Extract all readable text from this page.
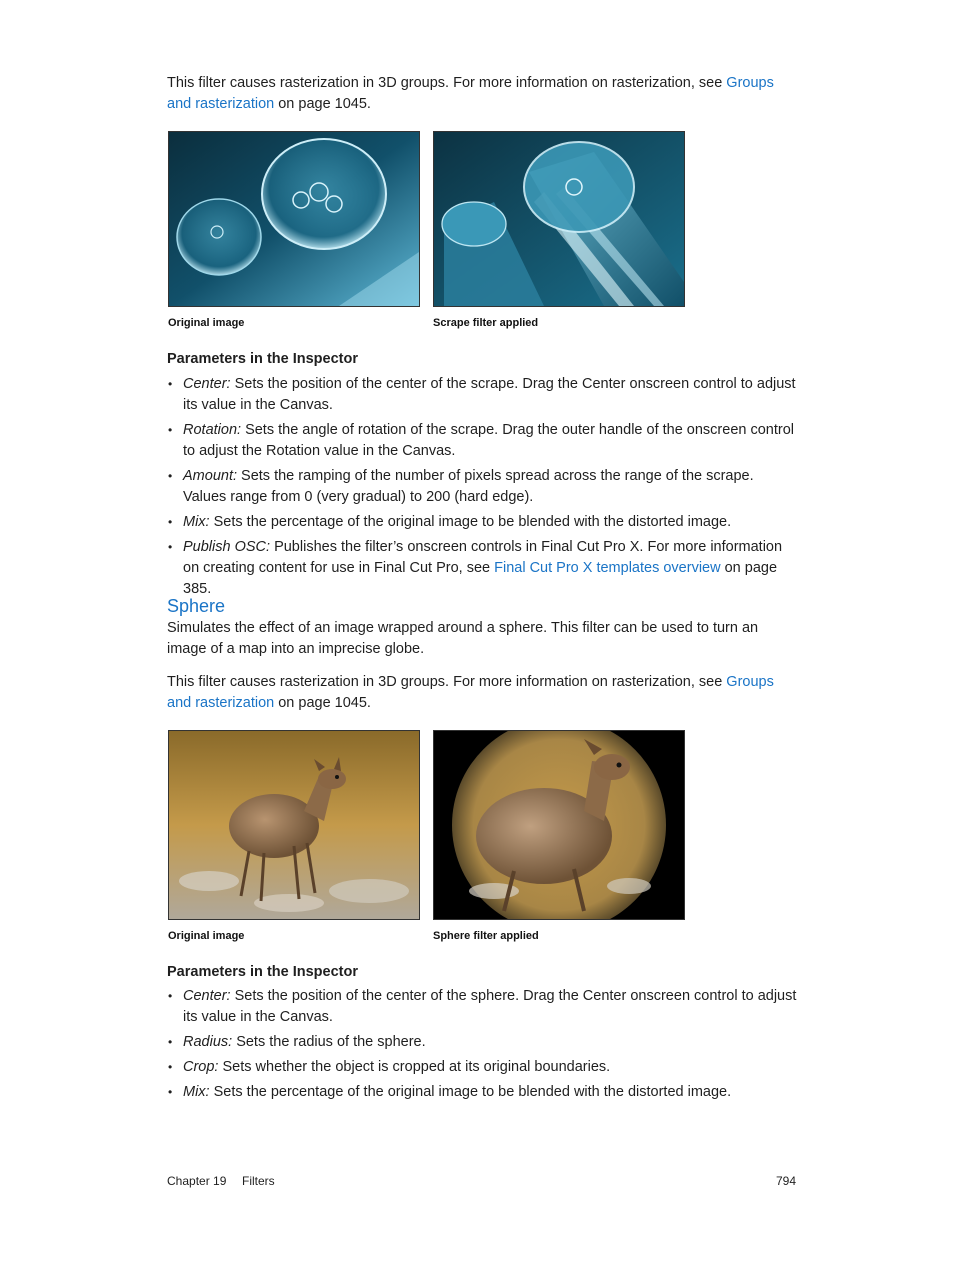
This filter causes rasterization in 3D groups. For more information on rasterization, see Groups and rasterization on page 1045.

Original image	Scrape filter applied
Parameters in the Inspector
• Center: Sets the position of the center of the scrape. Drag the Center onscreen control to adjust its value in the Canvas.
• Rotation: Sets the angle of rotation of the scrape. Drag the outer handle of the onscreen control to adjust the Rotation value in the Canvas.
• Amount: Sets the ramping of the number of pixels spread across the range of the scrape. Values range from 0 (very gradual) to 200 (hard edge).
• Mix: Sets the percentage of the original image to be blended with the distorted image.
• Publish OSC: Publishes the filter’s onscreen controls in Final Cut Pro X. For more information on creating content for use in Final Cut Pro, see Final Cut Pro X templates overview on page 385.
Sphere

Simulates the effect of an image wrapped around a sphere. This filter can be used to turn an image of a map into an imprecise globe.

This filter causes rasterization in 3D groups. For more information on rasterization, see Groups and rasterization on page 1045.

Original image	Sphere filter applied
Parameters in the Inspector
• Center: Sets the position of the center of the sphere. Drag the Center onscreen control to adjust its value in the Canvas.
• Radius: Sets the radius of the sphere.
• Crop: Sets whether the object is cropped at its original boundaries.
• Mix: Sets the percentage of the original image to be blended with the distorted image.
Chapter 19 Filters	794
